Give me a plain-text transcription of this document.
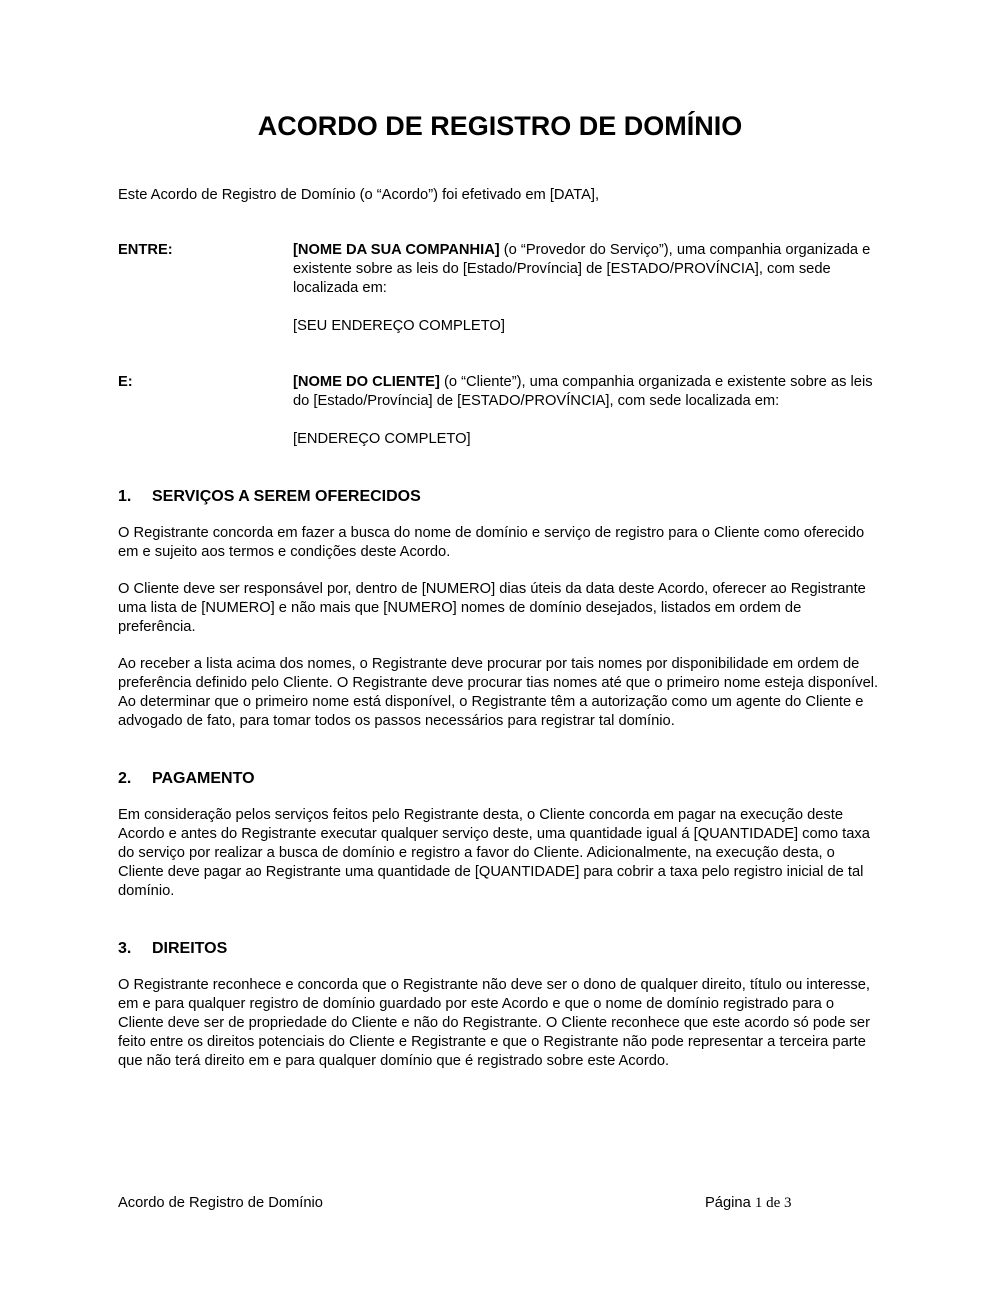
ACORDO DE REGISTRO DE DOMÍNIO

Este Acordo de Registro de Domínio (o “Acordo”) foi efetivado em [DATA],

ENTRE:	[NOME DA SUA COMPANHIA] (o “Provedor do Serviço”), uma companhia organizada e existente sobre as leis do [Estado/Província] de [ESTADO/PROVÍNCIA], com sede localizada em:

[SEU ENDEREÇO COMPLETO]

E:	[NOME DO CLIENTE] (o “Cliente”), uma companhia organizada e existente sobre as leis do [Estado/Província] de [ESTADO/PROVÍNCIA], com sede localizada em:

[ENDEREÇO COMPLETO]

1.	SERVIÇOS A SEREM OFERECIDOS

O Registrante concorda em fazer a busca do nome de domínio e serviço de registro para o Cliente como oferecido em e sujeito aos termos e condições deste Acordo.

O Cliente deve ser responsável por, dentro de [NUMERO] dias úteis da data deste Acordo, oferecer ao Registrante uma lista de [NUMERO] e não mais que [NUMERO] nomes de domínio desejados, listados em ordem de preferência.

Ao receber a lista acima dos nomes, o Registrante deve procurar por tais nomes por disponibilidade em ordem de preferência definido pelo Cliente. O Registrante deve procurar tias nomes até que o primeiro nome esteja disponível. Ao determinar que o primeiro nome está disponível, o Registrante têm a autorização como um agente do Cliente e advogado de fato, para tomar todos os passos necessários para registrar tal domínio.

2.	PAGAMENTO

Em consideração pelos serviços feitos pelo Registrante desta, o Cliente concorda em pagar na execução deste Acordo e antes do Registrante executar qualquer serviço deste, uma quantidade igual á [QUANTIDADE] como taxa do serviço por realizar a busca de domínio e registro a favor do Cliente. Adicionalmente, na execução desta, o Cliente deve pagar ao Registrante uma quantidade de [QUANTIDADE] para cobrir a taxa pelo registro inicial de tal domínio.

3.	DIREITOS

O Registrante reconhece e concorda que o Registrante não deve ser o dono de qualquer direito, título ou interesse, em e para qualquer registro de domínio guardado por este Acordo e que o nome de domínio registrado para o Cliente deve ser de propriedade do Cliente e não do Registrante. O Cliente reconhece que este acordo só pode ser feito entre os direitos potenciais do Cliente e Registrante e que o Registrante não pode representar a terceira parte que não terá direito em e para qualquer domínio que é registrado sobre este Acordo.

Acordo de Registro de Domínio	Página 1 de 3
